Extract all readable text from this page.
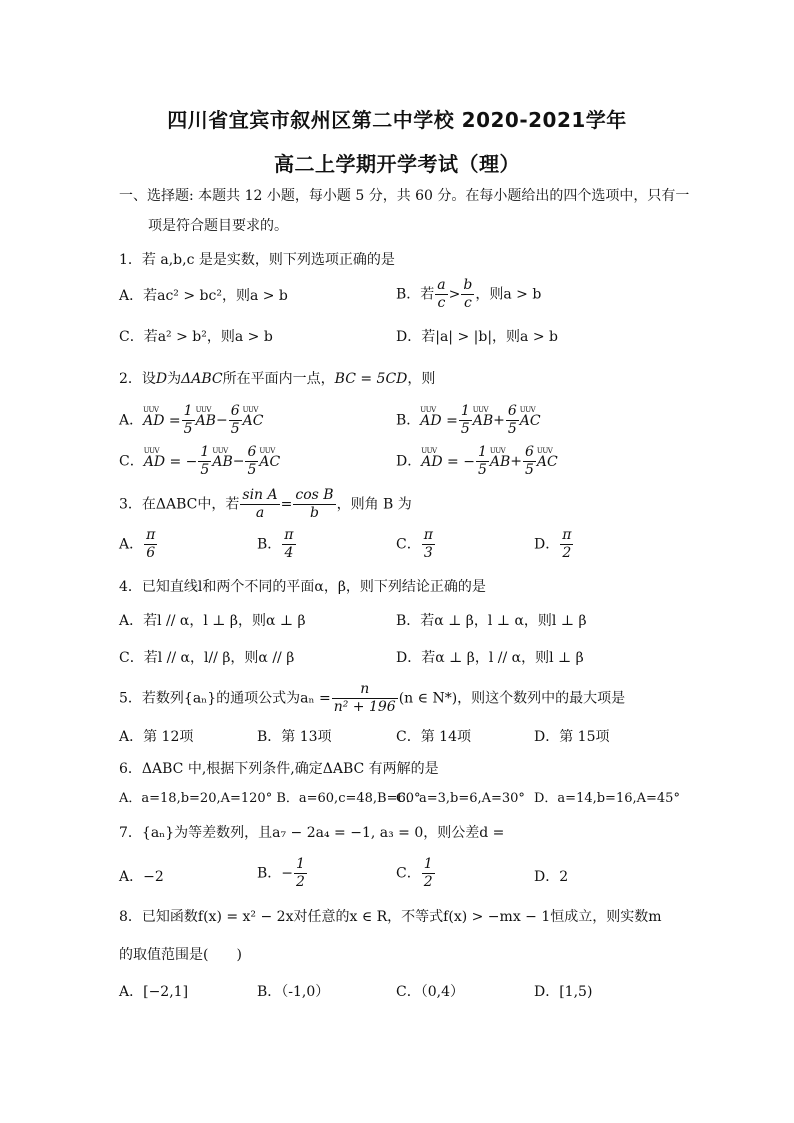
四川省宜宾市叙州区第二中学校 2020-2021学年
高二上学期开学考试（理）
一、选择题: 本题共 12 小题，每小题 5 分，共 60 分。在每小题给出的四个选项中，只有一
项是符合题目要求的。
1．若 a,b,c 是是实数，则下列选项正确的是
A．若ac² > bc²，则a > b	B．若 $\frac{a}{c} > \frac{b}{c}$ ，则a > b
C．若a² > b²，则a > b	D．若|a| > |b|，则a > b
2．设D为ΔABC所在平面内一点，BC = 5CD，则
A．UUV AD = $\frac{1}{5}$ UUV $AB- \frac{6}{5}$ UUV AC	B．UUV AD = $\frac{1}{5}$ UUV $AB+ \frac{6}{5}$ UUV AC
C．UUV AD = − $\frac{1}{5}$ UUV $AB- \frac{6}{5}$ UUV AC	D．UUV AD = − $\frac{1}{5}$ UUV $AB+ \frac{6}{5}$ UUV AC
3．在ΔABC中，若 $\frac{\text{sin A}}{a} = \frac{\text{cos B}}{b}$ ，则角 B 为
A． $\frac{\pi}{6}$	B． $\frac{\pi}{4}$	C． $\frac{\pi}{3}$	D． $\frac{\pi}{2}$
4．已知直线l和两个不同的平面α，β，则下列结论正确的是
A．若l // α，l ⊥ β，则α ⊥ β	B．若α ⊥ β，l ⊥ α，则l ⊥ β
C．若l // α，l// β，则α // β	D．若α ⊥ β，l // α，则l ⊥ β
5．若数列{aₙ}的通项公式为$a_n = \frac{n}{\text{n² + 196}} (n$ ∈ N*)，则这个数列中的最大项是
A．第 12项	B．第 13项	C．第 14项	D．第 15项
6．ΔABC 中,根据下列条件,确定ΔABC 有两解的是
A．a=18,b=20,A=120° B．a=60,c=48,B=60°
C．a=3,b=6,A=30° D．a=14,b=16,A=45°
7．{aₙ}为等差数列，且a₇ − 2a₄ = −1, a₃ = 0，则公差d =
A．−2	B．− $\frac{1}{2}$	C． $\frac{1}{2}$	D．2
8．已知函数f(x) = x² − 2x对任意的x ∈ R，不等式f(x) > −mx − 1恒成立，则实数m
的取值范围是(　　)
A．[−2,1]	B．（-1,0）	C．（0,4）	D．[1,5)
